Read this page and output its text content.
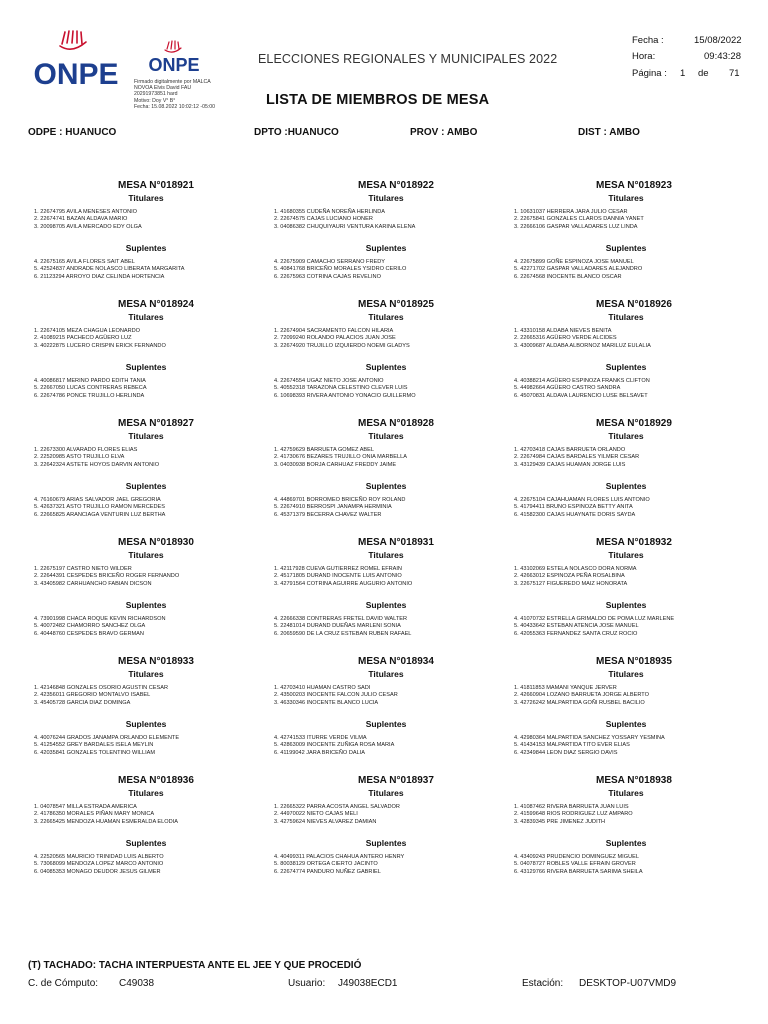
ONPE ONPE
Firmado digitalmente por MALCA
NOVOA Elvis David FAU
20291973851 hard
Motivo: Doy V° B°
Fecha: 15.08.2022 10:02:12 -05:00
ELECCIONES REGIONALES Y MUNICIPALES 2022
LISTA DE MIEMBROS DE MESA
Fecha :	15/08/2022
Hora:	09:43:28
Página : 1 de 71
ODPE : HUANUCO	DPTO :HUANUCO	PROV : AMBO	DIST : AMBO
MESA N°018921
Titulares
1. 22674795 AVILA MENESES ANTONIO
2. 22674741 BAZAN ALDAVA MARIO
3. 20098705 AVILA MERCADO EDY OLGA
Suplentes
4. 22675165 AVILA FLORES SAIT ABEL
5. 42524837 ANDRADE NOLASCO LIBERATA MARGARITA
6. 21123294 ARROYO DIAZ CELINDA HORTENCIA
MESA N°018922
Titulares
1. 41680355 CUDEÑA NOREÑA HERLINDA
2. 22674575 CAJAS LUCIANO HONER
3. 04086382 CHUQUIYAURI VENTURA KARINA ELENA
Suplentes
4. 22675909 CAMACHO SERRANO FREDY
5. 40841768 BRICEÑO MORALES YSIDRO CERILO
6. 22675963 COTRINA CAJAS REVELINO
MESA N°018923
Titulares
1. 10631037 HERRERA JARA JULIO CESAR
2. 22675841 GONZALES CLAROS DANNIA YANET
3. 22666106 GASPAR VALLADARES LUZ LINDA
Suplentes
4. 22675899 GOÑE ESPINOZA JOSE MANUEL
5. 42271702 GASPAR VALLADARES ALEJANDRO
6. 22674568 INOCENTE BLANCO OSCAR
MESA N°018924
Titulares
1. 22674105 MEZA CHAGUA LEONARDO
2. 41089215 PACHECO AGÜERO LUZ
3. 40222875 LUCERO CRISPIN ERICK FERNANDO
Suplentes
4. 40086817 MERINO PARDO EDITH TANIA
5. 22667050 LUCAS CONTRERAS REBECA
6. 22674786 PONCE TRUJILLO HERLINDA
MESA N°018925
Titulares
1. 22674904 SACRAMENTO FALCON HILARIA
2. 72099240 ROLANDO PALACIOS JUAN JOSE
3. 22674920 TRUJILLO IZQUIERDO NOEMI GLADYS
Suplentes
4. 22674554 UGAZ NIETO JOSE ANTONIO
5. 40552318 TARAZONA CELESTINO CLEVER LUIS
6. 10698393 RIVERA ANTONIO YONACIO GUILLERMO
MESA N°018926
Titulares
1. 43310158 ALDABA NIEVES BENITA
2. 22665316 AGÜERO VERDE ALCIDES
3. 43009687 ALDABA ALBORNOZ MARILUZ EULALIA
Suplentes
4. 40388214 AGÜERO ESPINOZA FRANKS CLIFTON
5. 44982664 AGÜERO CASTRO SANDRA
6. 45070831 ALDAVA LAURENCIO LUSE BELSAVET
MESA N°018927
Titulares
1. 22673300 ALVARADO FLORES ELIAS
2. 22520985 ASTO TRUJILLO ELVA
3. 22642324 ASTETE HOYOS DARVIN ANTONIO
Suplentes
4. 76160679 ARIAS SALVADOR JAEL GREGORIA
5. 42637321 ASTO TRUJILLO RAMON MERCEDES
6. 22665825 ARANCIAGA VENTURIN LUZ BERTHA
MESA N°018928
Titulares
1. 42759629 BARRUETA GOMEZ ABEL
2. 41730676 BEZARES TRUJILLO ONIA MARBELLA
3. 04030938 BORJA CARHUAZ FREDDY JAIME
Suplentes
4. 44869701 BORROMEO BRICEÑO ROY ROLAND
5. 22674910 BERROSPI JANAMPA HERMINIA
6. 45371379 BECERRA CHAVEZ WALTER
MESA N°018929
Titulares
1. 42703418 CAJAS BARRUETA ORLANDO
2. 22674984 CAJAS BARDALES YILMER CESAR
3. 43129439 CAJAS HUAMAN JORGE LUIS
Suplentes
4. 22675104 CAJAHUAMAN FLORES LUIS ANTONIO
5. 41794411 BRUNO ESPINOZA BETTY ANITA
6. 41582300 CAJAS HUAYNATE DORIS SAYDA
MESA N°018930
Titulares
1. 22675197 CASTRO NIETO WILDER
2. 22644391 CESPEDES BRICEÑO ROGER FERNANDO
3. 43405982 CARHUANCHO FABIAN DICSON
Suplentes
4. 73901998 CHACA ROQUE KEVIN RICHARDSON
5. 40072482 CHAMORRO SANCHEZ OLGA
6. 40448760 CESPEDES BRAVO GERMAN
MESA N°018931
Titulares
1. 42117928 CUEVA GUTIERREZ ROMEL EFRAIN
2. 45171805 DURAND INOCENTE LUIS ANTONIO
3. 42791564 COTRINA AGUIRRE AUGURIO ANTONIO
Suplentes
4. 22666338 CONTRERAS FRETEL DAVID WALTER
5. 22481014 DURAND DUEÑAS MARLENI SONIA
6. 20659590 DE LA CRUZ ESTEBAN RUBEN RAFAEL
MESA N°018932
Titulares
1. 43102069 ESTELA NOLASCO DORA NORMA
2. 42663012 ESPINOZA PEÑA ROSALBINA
3. 22675127 FIGUEREDO MAIZ HONORATA
Suplentes
4. 41070732 ESTRELLA GRIMALDO DE POMA LUZ MARLENE
5. 40433642 ESTEBAN ATENCIA JOSE MANUEL
6. 42055363 FERNANDEZ SANTA CRUZ ROCIO
MESA N°018933
Titulares
1. 42146848 GONZALES OSORIO AGUSTIN CESAR
2. 42356011 GREGORIO MONTALVO ISABEL
3. 45405728 GARCIA DIAZ DOMINGA
Suplentes
4. 40076244 GRADOS JANAMPA ORLANDO ELEMENTE
5. 41254552 GREY BARDALES ISELA MEYLIN
6. 42035841 GONZALES TOLENTINO WILLIAM
MESA N°018934
Titulares
1. 42703410 HUAMAN CASTRO SADI
2. 43500203 INOCENTE FALCON JULIO CESAR
3. 46330346 INOCENTE BLANCO LUCIA
Suplentes
4. 42741533 ITURRE VERDE VILMA
5. 42863009 INOCENTE ZUÑIGA ROSA MARIA
6. 41199042 JARA BRICEÑO DALIA
MESA N°018935
Titulares
1. 41811853 MAMANI YANQUE JERVER
2. 42660904 LOZANO BARRUETA JORGE ALBERTO
3. 42726242 MALPARTIDA GOÑI RUSBEL BACILIO
Suplentes
4. 42980364 MALPARTIDA SANCHEZ YOSSARY YESMINA
5. 41434153 MALPARTIDA TITO EVER ELIAS
6. 42349844 LEON DIAZ SERGIO DAVIS
MESA N°018936
Titulares
1. 04078547 MILLA ESTRADA AMERICA
2. 41786350 MORALES PIÑAN MARY MONICA
3. 22665425 MENDOZA HUAMAN ESMERALDA ELODIA
Suplentes
4. 22520565 MAURICIO TRINIDAD LUIS ALBERTO
5. 73068099 MENDOZA LOPEZ MARCO ANTONIO
6. 04085353 MONAGO DEUDOR JESUS GILMER
MESA N°018937
Titulares
1. 22665322 PARRA ACOSTA ANGEL SALVADOR
2. 44970022 NIETO CAJAS MELI
3. 42759624 NIEVES ALVAREZ DAMIAN
Suplentes
4. 40499311 PALACIOS CHAHUA ANTERO HENRY
5. 80038129 ORTEGA CIERTO JACINTO
6. 22674774 PANDURO NUÑEZ GABRIEL
MESA N°018938
Titulares
1. 41087462 RIVERA BARRUETA JUAN LUIS
2. 41599648 RIOS RODRIGUEZ LUZ AMPARO
3. 42839345 PRE JIMENEZ JUDITH
Suplentes
4. 43409243 PRUDENCIO DOMINGUEZ MIGUEL
5. 04078727 ROBLES VALLE EFRAIN GROVER
6. 43129766 RIVERA BARRUETA SARIMA SHEILA
(T) TACHADO: TACHA INTERPUESTA ANTE EL JEE Y QUE PROCEDIÓ
C. de Cómputo: C49038	Usuario: J49038ECD1	Estación: DESKTOP-U07VMD9
